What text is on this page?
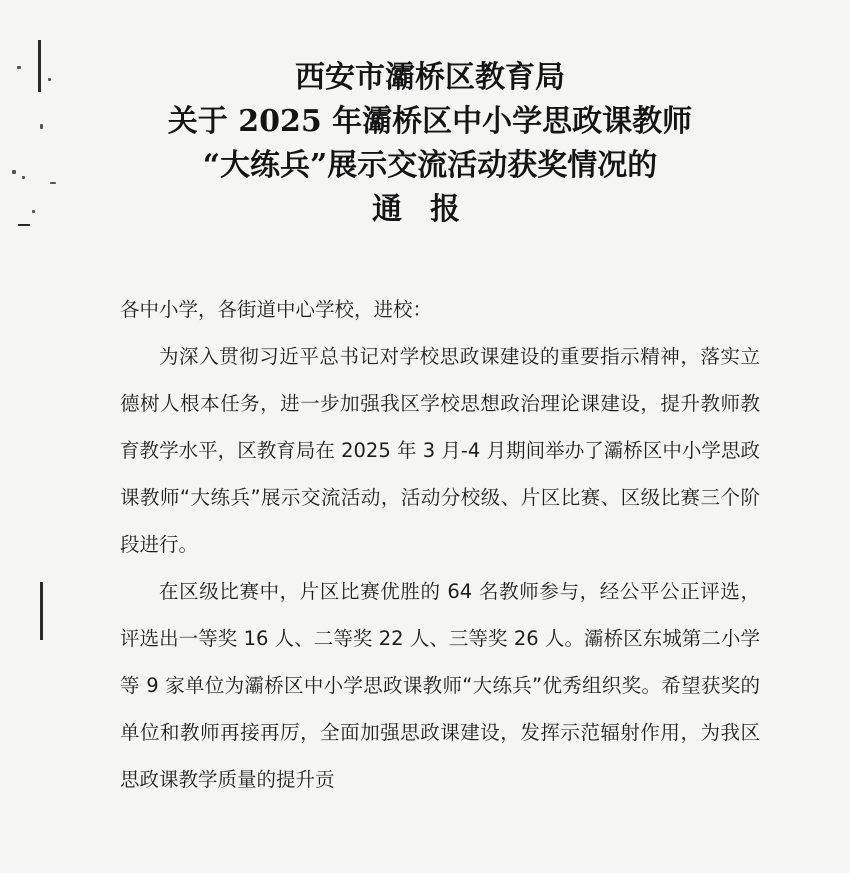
西安市灞桥区教育局
关于 2025 年灞桥区中小学思政课教师
“大练兵”展示交流活动获奖情况的
通报

各中小学，各街道中心学校，进校：

为深入贯彻习近平总书记对学校思政课建设的重要指示精神，落实立德树人根本任务，进一步加强我区学校思想政治理论课建设，提升教师教育教学水平，区教育局在 2025 年 3 月-4 月期间举办了灞桥区中小学思政课教师“大练兵”展示交流活动，活动分校级、片区比赛、区级比赛三个阶段进行。

在区级比赛中，片区比赛优胜的 64 名教师参与，经公平公正评选，评选出一等奖 16 人、二等奖 22 人、三等奖 26 人。灞桥区东城第二小学等 9 家单位为灞桥区中小学思政课教师“大练兵”优秀组织奖。希望获奖的单位和教师再接再厉，全面加强思政课建设，发挥示范辐射作用，为我区思政课教学质量的提升贡
